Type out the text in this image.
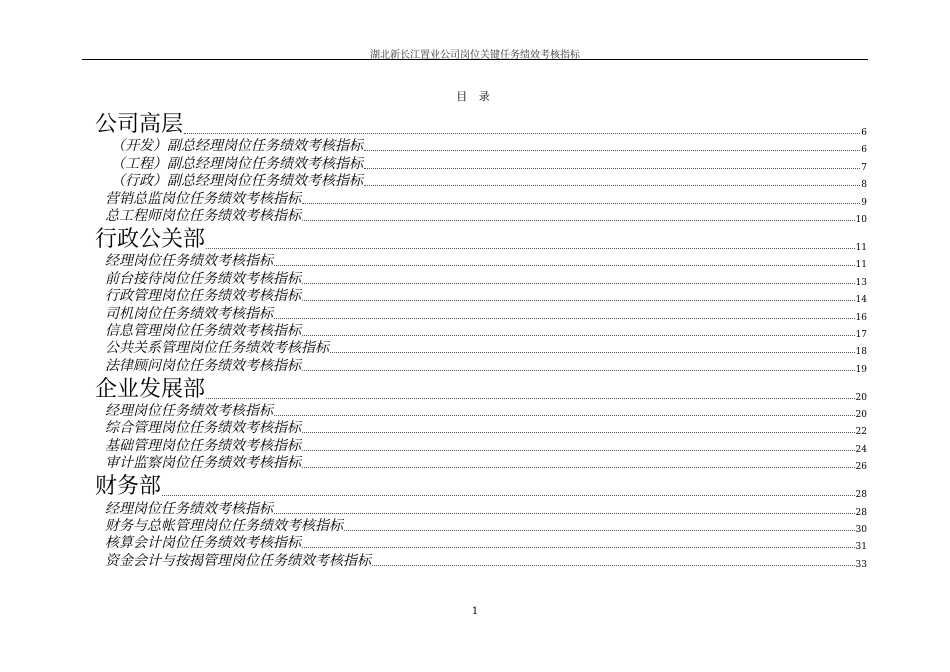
湖北新长江置业公司岗位关键任务绩效考核指标
目 录
公司高层	6
（开发）副总经理岗位任务绩效考核指标	6
（工程）副总经理岗位任务绩效考核指标	7
（行政）副总经理岗位任务绩效考核指标	8
营销总监岗位任务绩效考核指标	9
总工程师岗位任务绩效考核指标	10
行政公关部	11
经理岗位任务绩效考核指标	11
前台接待岗位任务绩效考核指标	13
行政管理岗位任务绩效考核指标	14
司机岗位任务绩效考核指标	16
信息管理岗位任务绩效考核指标	17
公共关系管理岗位任务绩效考核指标	18
法律顾问岗位任务绩效考核指标	19
企业发展部	20
经理岗位任务绩效考核指标	20
综合管理岗位任务绩效考核指标	22
基础管理岗位任务绩效考核指标	24
审计监察岗位任务绩效考核指标	26
财务部	28
经理岗位任务绩效考核指标	28
财务与总帐管理岗位任务绩效考核指标	30
核算会计岗位任务绩效考核指标	31
资金会计与按揭管理岗位任务绩效考核指标	33
1
